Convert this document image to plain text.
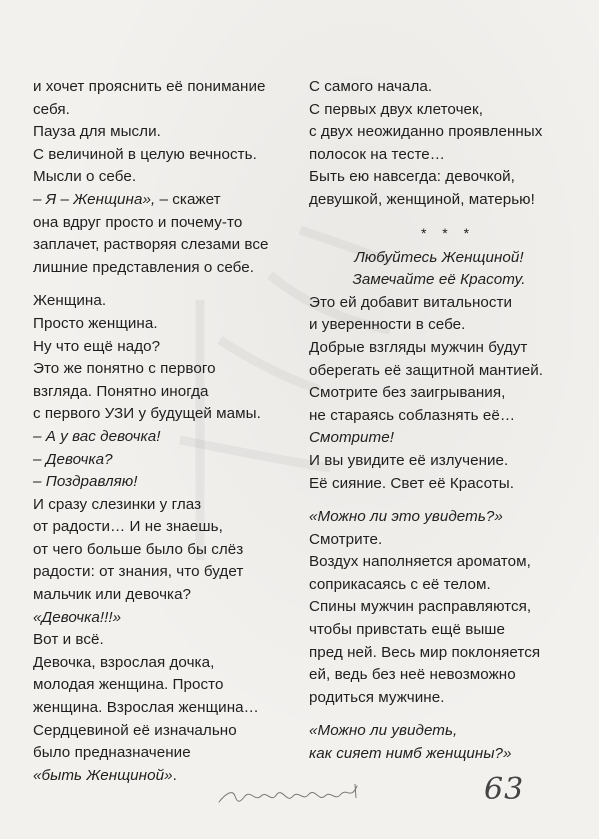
и хочет прояснить её понимание
себя.
Пауза для мысли.
С величиной в целую вечность.
Мысли о себе.
– Я – Женщина», – скажет
она вдруг просто и почему-то
заплачет, растворяя слезами все
лишние представления о себе.
Женщина.
Просто женщина.
Ну что ещё надо?
Это же понятно с первого
взгляда. Понятно иногда
с первого УЗИ у будущей мамы.
– А у вас девочка!
– Девочка?
– Поздравляю!
И сразу слезинки у глаз
от радости… И не знаешь,
от чего больше было бы слёз
радости: от знания, что будет
мальчик или девочка?
«Девочка!!!»
Вот и всё.
Девочка, взрослая дочка,
молодая женщина. Просто
женщина. Взрослая женщина…
Сердцевиной её изначально
было предназначение
«быть Женщиной».
С самого начала.
С первых двух клеточек,
с двух неожиданно проявленных
полосок на тесте…
Быть ею навсегда: девочкой,
девушкой, женщиной, матерью!
* * *
Любуйтесь Женщиной!
Замечайте её Красоту.
Это ей добавит витальности
и уверенности в себе.
Добрые взгляды мужчин будут
оберегать её защитной мантией.
Смотрите без заигрывания,
не стараясь соблазнять её…
Смотрите!
И вы увидите её излучение.
Её сияние. Свет её Красоты.
«Можно ли это увидеть?»
Смотрите.
Воздух наполняется ароматом,
соприкасаясь с её телом.
Спины мужчин расправляются,
чтобы привстать ещё выше
пред ней. Весь мир поклоняется
ей, ведь без неё невозможно
родиться мужчине.
«Можно ли увидеть,
как сияет нимб женщины?»
63
